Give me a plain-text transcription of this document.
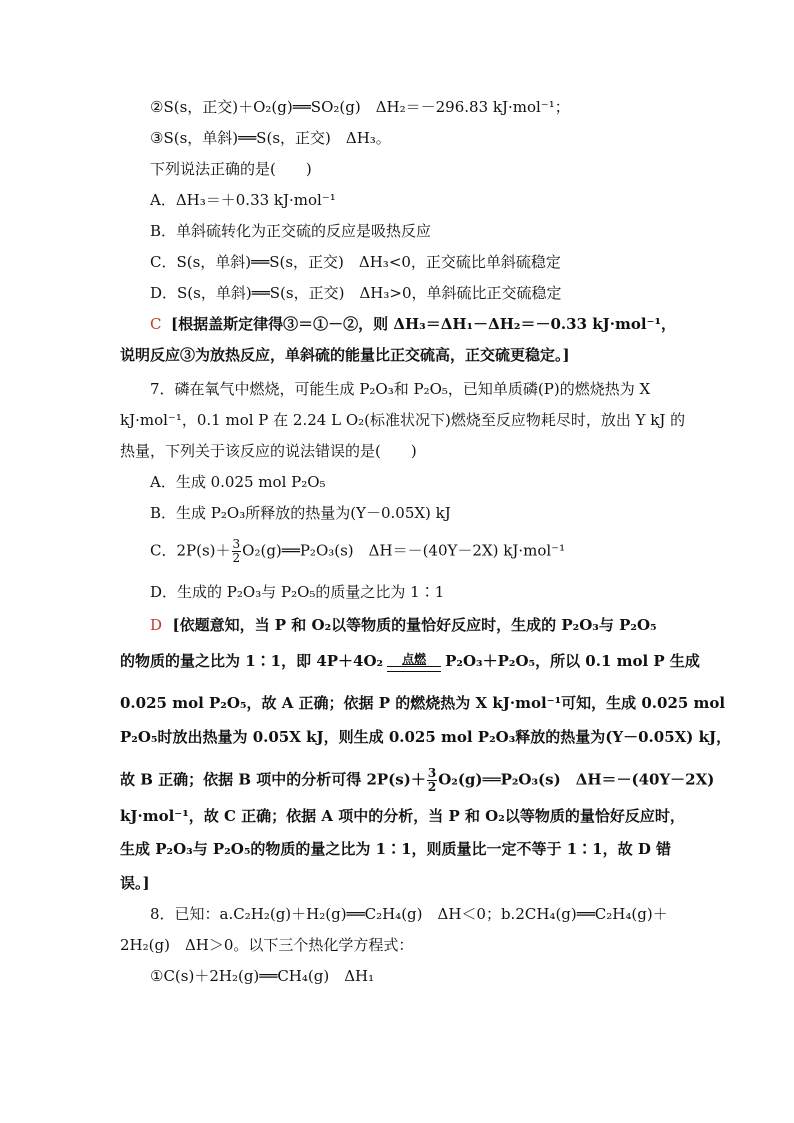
②S(s，正交)＋O₂(g)══SO₂(g)　ΔH₂＝－296.83 kJ·mol⁻¹；
③S(s，单斜)══S(s，正交)　ΔH₃。
下列说法正确的是(　　)
A．ΔH₃＝＋0.33 kJ·mol⁻¹
B．单斜硫转化为正交硫的反应是吸热反应
C．S(s，单斜)══S(s，正交)　ΔH₃<0，正交硫比单斜硫稳定
D．S(s，单斜)══S(s，正交)　ΔH₃>0，单斜硫比正交硫稳定
C [根据盖斯定律得③＝①－②，则 ΔH₃＝ΔH₁－ΔH₂＝－0.33 kJ·mol⁻¹，
说明反应③为放热反应，单斜硫的能量比正交硫高，正交硫更稳定。]
7．磷在氧气中燃烧，可能生成 P₂O₃和 P₂O₅，已知单质磷(P)的燃烧热为 X
kJ·mol⁻¹，0.1 mol P 在 2.24 L O₂(标准状况下)燃烧至反应物耗尽时，放出 Y kJ 的
热量，下列关于该反应的说法错误的是(　　)
A．生成 0.025 mol P₂O₅
B．生成 P₂O₃所释放的热量为(Y－0.05X) kJ
C．$2P(s)+ \frac{3}{2}$ O₂(g)══P₂O₃(s)　ΔH＝－(40Y－2X) kJ·mol⁻¹
D．生成的 P₂O₃与 P₂O₅的质量之比为 1∶1
D [依题意知，当 P 和 O₂以等物质的量恰好反应时，生成的 P₂O₃与 P₂O₅
的物质的量之比为 1∶1，即 4P＋4O₂	点燃	P₂O₃＋P₂O₅，所以 0.1 mol P 生成
0.025 mol P₂O₅，故 A 正确；依据 P 的燃烧热为 X kJ·mol⁻¹可知，生成 0.025 mol
P₂O₅时放出热量为 0.05X kJ，则生成 0.025 mol P₂O₃释放的热量为(Y－0.05X) kJ，
故 B 正确；依据 B 项中的分析可得 $2P(s)+ \frac{3}{2}$ O₂(g)══P₂O₃(s)　ΔH＝－(40Y－2X)
kJ·mol⁻¹，故 C 正确；依据 A 项中的分析，当 P 和 O₂以等物质的量恰好反应时，
生成 P₂O₃与 P₂O₅的物质的量之比为 1∶1，则质量比一定不等于 1∶1，故 D 错
误。]
8．已知：a.C₂H₂(g)＋H₂(g)══C₂H₄(g)　ΔH＜0；b.2CH₄(g)══C₂H₄(g)＋
2H₂(g)　ΔH＞0。以下三个热化学方程式：
①C(s)＋2H₂(g)══CH₄(g)　ΔH₁
